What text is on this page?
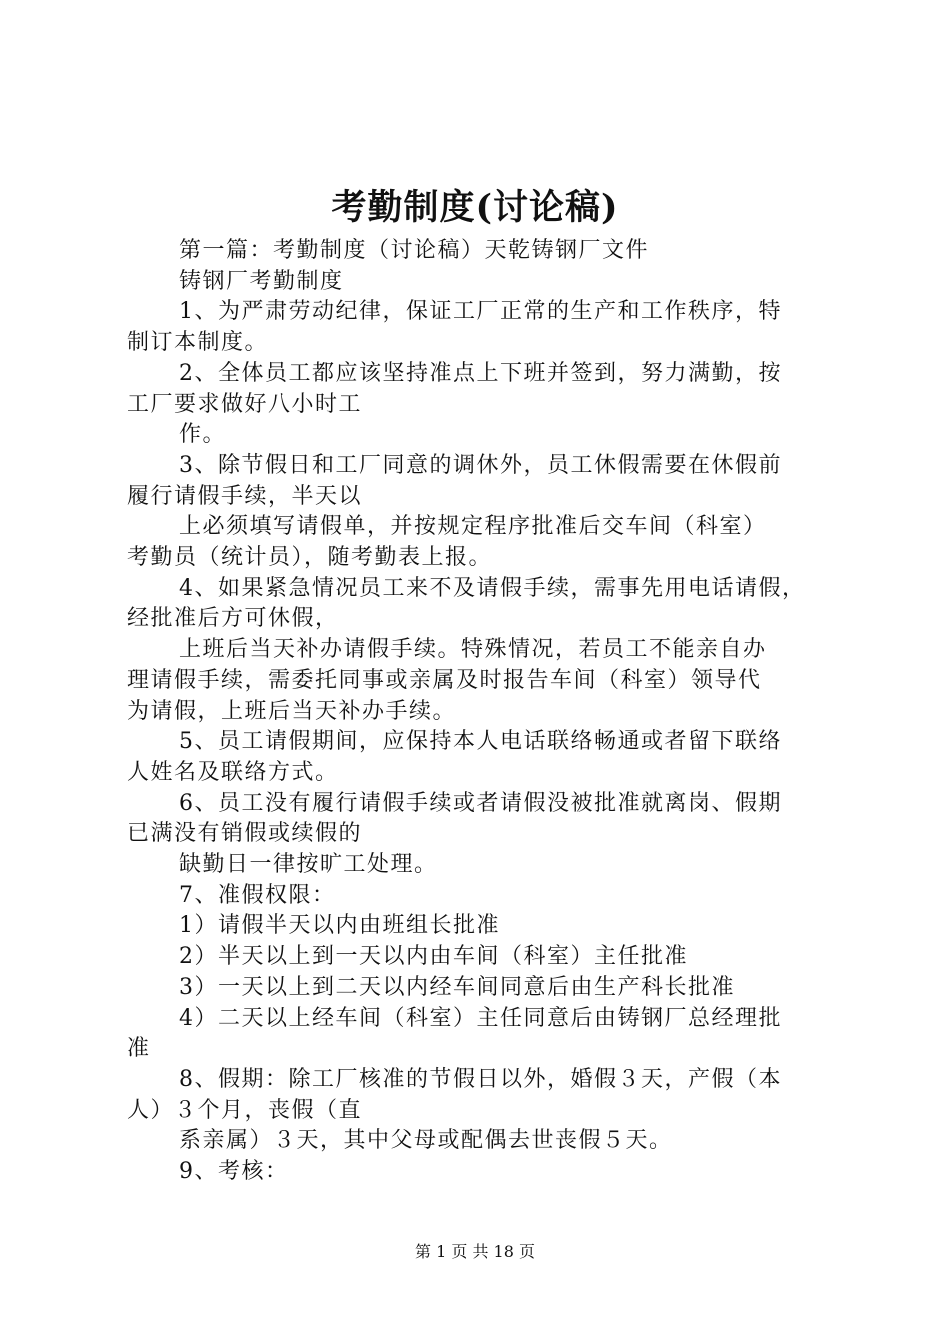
考勤制度(讨论稿)
第一篇：考勤制度（讨论稿）天乾铸钢厂文件
铸钢厂考勤制度
1、为严肃劳动纪律，保证工厂正常的生产和工作秩序，特
制订本制度。
2、全体员工都应该坚持准点上下班并签到，努力满勤，按
工厂要求做好八小时工
作。
3、除节假日和工厂同意的调休外，员工休假需要在休假前
履行请假手续，半天以
上必须填写请假单，并按规定程序批准后交车间（科室）
考勤员（统计员），随考勤表上报。
4、如果紧急情况员工来不及请假手续，需事先用电话请假，
经批准后方可休假，
上班后当天补办请假手续。特殊情况，若员工不能亲自办
理请假手续，需委托同事或亲属及时报告车间（科室）领导代
为请假，上班后当天补办手续。
5、员工请假期间，应保持本人电话联络畅通或者留下联络
人姓名及联络方式。
6、员工没有履行请假手续或者请假没被批准就离岗、假期
已满没有销假或续假的
缺勤日一律按旷工处理。
7、准假权限：
1）请假半天以内由班组长批准
2）半天以上到一天以内由车间（科室）主任批准
3）一天以上到二天以内经车间同意后由生产科长批准
4）二天以上经车间（科室）主任同意后由铸钢厂总经理批
准
8、假期：除工厂核准的节假日以外，婚假３天，产假（本
人）３个月，丧假（直
系亲属）３天，其中父母或配偶去世丧假５天。
9、考核：
第 1 页 共 18 页
